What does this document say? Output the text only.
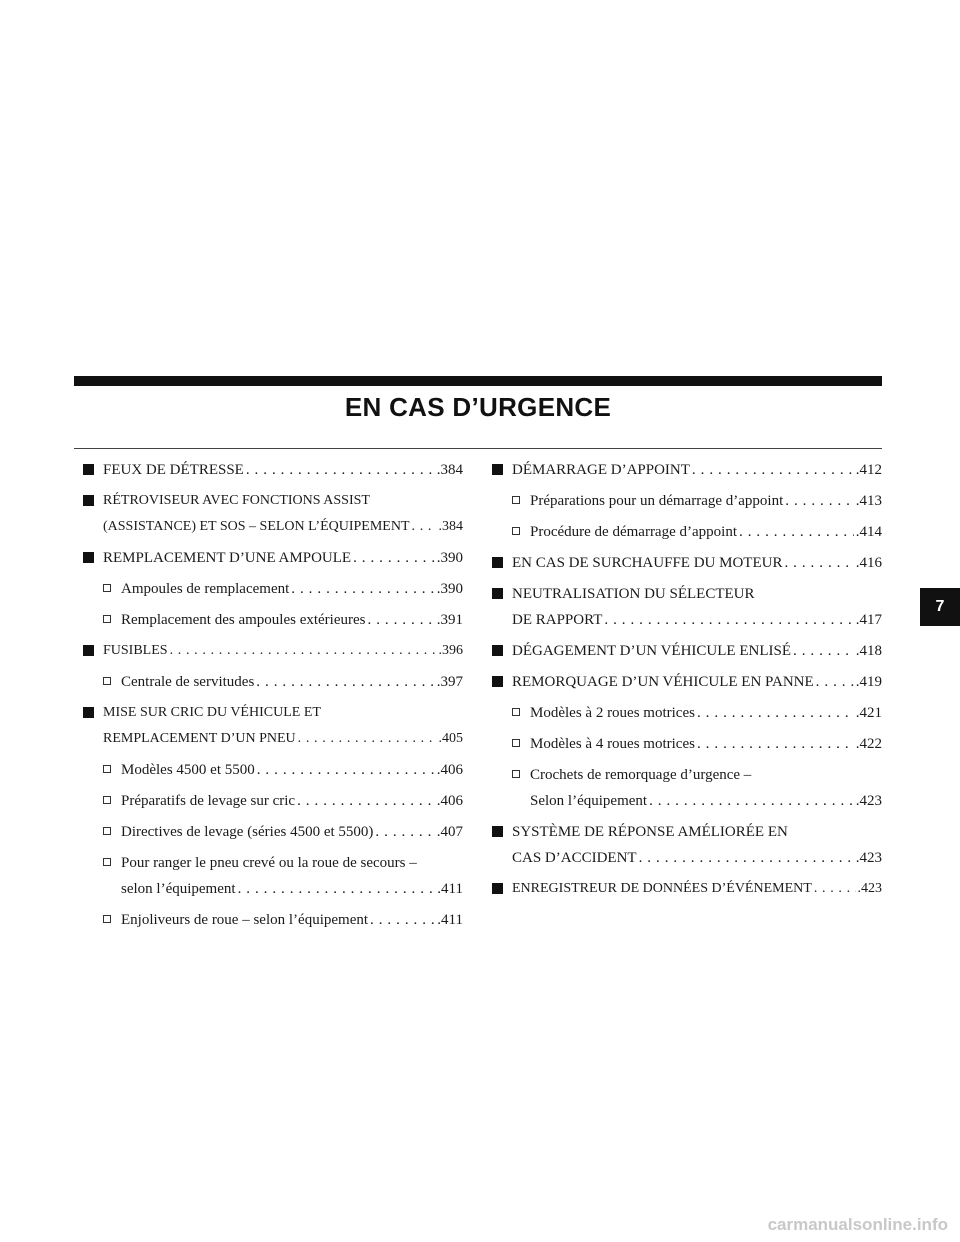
EN CAS D’URGENCE
FEUX DE DÉTRESSE . . .	.384
RÉTROVISEUR AVEC FONCTIONS ASSIST
(ASSISTANCE) ET SOS – SELON L’ÉQUIPEMENT . . . .384
REMPLACEMENT D’UNE AMPOULE . . .	.390
Ampoules de remplacement . . .	.390
Remplacement des ampoules extérieures . . .	.391
FUSIBLES . . .	.396
Centrale de servitudes . . .	.397
MISE SUR CRIC DU VÉHICULE ET
REMPLACEMENT D’UN PNEU . . .	.405
Modèles 4500 et 5500 . . .	.406
Préparatifs de levage sur cric . . .	.406
Directives de levage (séries 4500 et 5500) . . .	.407
Pour ranger le pneu crevé ou la roue de secours –
selon l’équipement . . .	.411
Enjoliveurs de roue – selon l’équipement . . .	.411
DÉMARRAGE D’APPOINT . . .	.412
Préparations pour un démarrage d’appoint . . .	.413
Procédure de démarrage d’appoint . . .	.414
EN CAS DE SURCHAUFFE DU MOTEUR . . .	.416
NEUTRALISATION DU SÉLECTEUR
DE RAPPORT . . .	.417
DÉGAGEMENT D’UN VÉHICULE ENLISÉ . . .	.418
REMORQUAGE D’UN VÉHICULE EN PANNE . . .	.419
Modèles à 2 roues motrices . . .	.421
Modèles à 4 roues motrices . . .	.422
Crochets de remorquage d’urgence –
Selon l’équipement . . .	.423
SYSTÈME DE RÉPONSE AMÉLIORÉE EN
CAS D’ACCIDENT . . .	.423
ENREGISTREUR DE DONNÉES D’ÉVÉNEMENT . . .	.423
7
carmanualsonline.info
